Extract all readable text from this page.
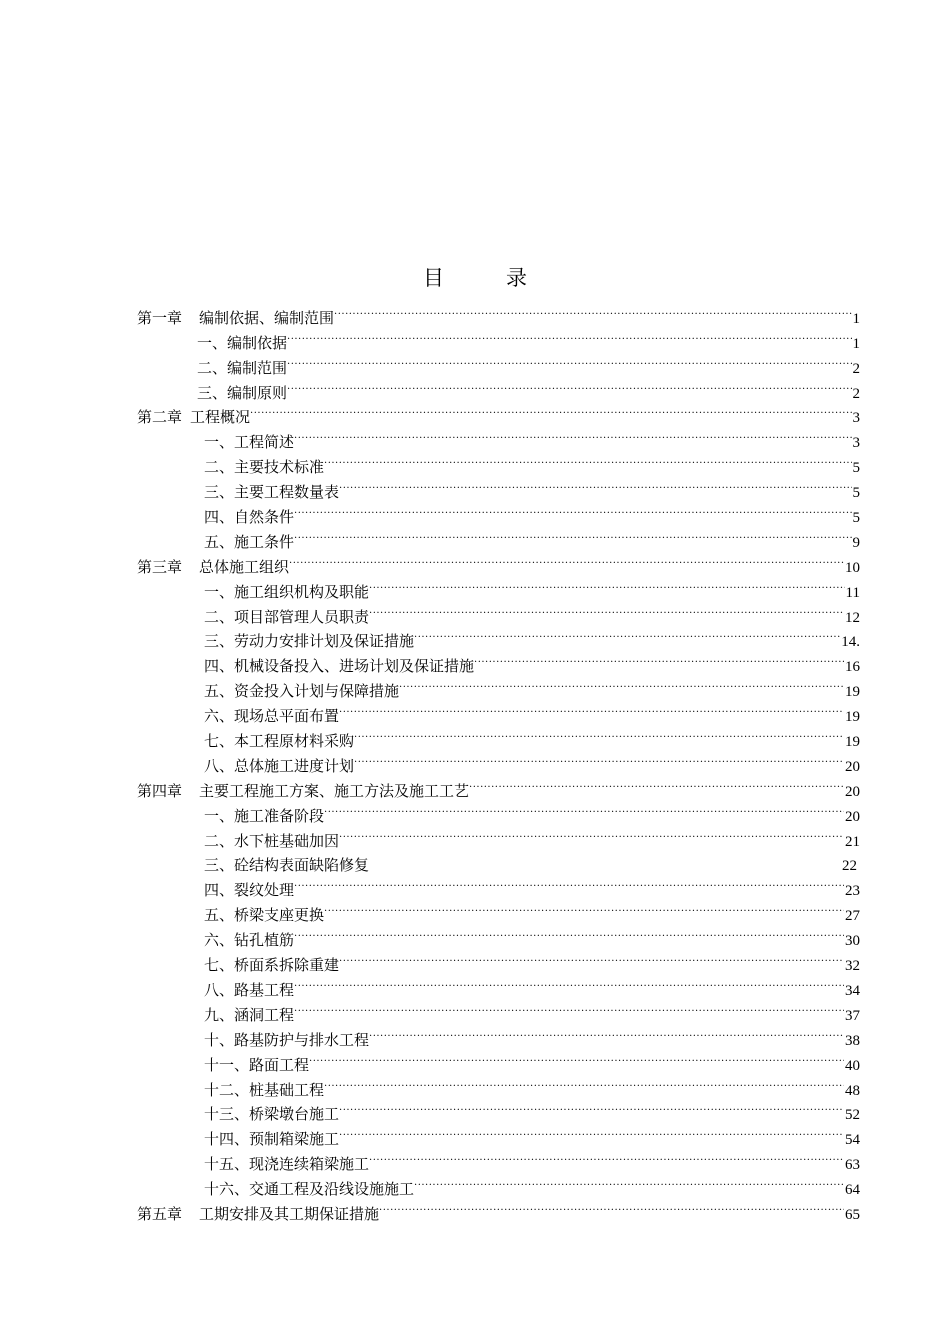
目	录
第一章 编制依据、编制范围 .....	1
一、编制依据 .....	1
二、编制范围 .....	2
三、编制原则 .....	2
第二章 工程概况 .....	3
一、工程简述 .....	3
二、主要技术标准 .....	5
三、主要工程数量表 .....	5
四、自然条件 .....	5
五、施工条件 .....	9
第三章 总体施工组织 .....	10
一、施工组织机构及职能 .....	11
二、项目部管理人员职责 .....	12
三、劳动力安排计划及保证措施 .....	14.
四、机械设备投入、进场计划及保证措施 .....	16
五、资金投入计划与保障措施 .....	19
六、现场总平面布置 .....	19
七、本工程原材料采购 .....	19
八、总体施工进度计划 .....	20
第四章 主要工程施工方案、施工方法及施工工艺 .....	20
一、施工准备阶段 .....	20
二、水下桩基础加因 .....	21
三、砼结构表面缺陷修复	22
四、裂纹处理 .....	23
五、桥梁支座更换 .....	27
六、钻孔植筋 .....	30
七、桥面系拆除重建 .....	32
八、路基工程 .....	34
九、涵洞工程 .....	37
十、路基防护与排水工程 .....	38
十一、路面工程 .....	40
十二、桩基础工程 .....	48
十三、桥梁墩台施工 .....	52
十四、预制箱梁施工 .....	54
十五、现浇连续箱梁施工 .....	63
十六、交通工程及沿线设施施工 .....	64
第五章 工期安排及其工期保证措施 .....	65
